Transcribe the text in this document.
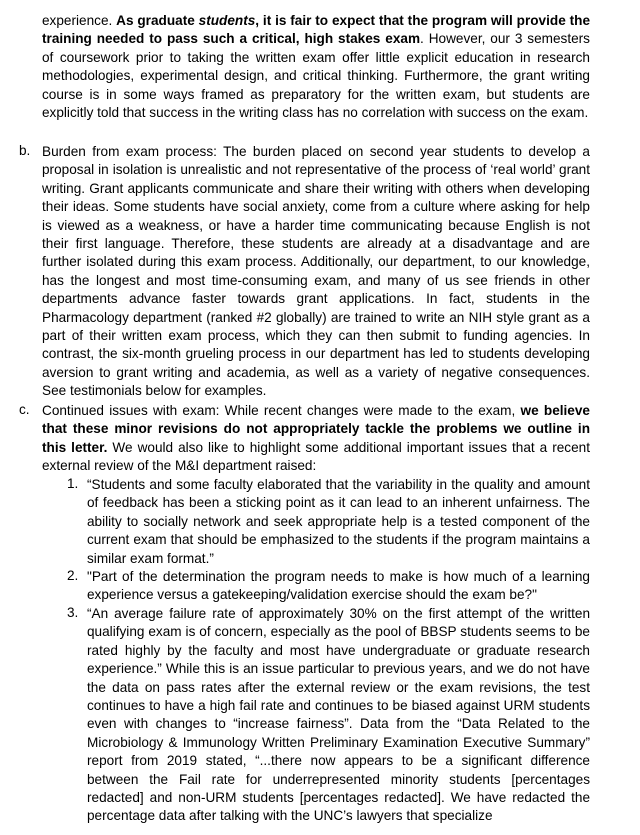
experience. As graduate students, it is fair to expect that the program will provide the training needed to pass such a critical, high stakes exam. However, our 3 semesters of coursework prior to taking the written exam offer little explicit education in research methodologies, experimental design, and critical thinking. Furthermore, the grant writing course is in some ways framed as preparatory for the written exam, but students are explicitly told that success in the writing class has no correlation with success on the exam.

b. Burden from exam process: The burden placed on second year students to develop a proposal in isolation is unrealistic and not representative of the process of ‘real world’ grant writing. Grant applicants communicate and share their writing with others when developing their ideas. Some students have social anxiety, come from a culture where asking for help is viewed as a weakness, or have a harder time communicating because English is not their first language. Therefore, these students are already at a disadvantage and are further isolated during this exam process. Additionally, our department, to our knowledge, has the longest and most time-consuming exam, and many of us see friends in other departments advance faster towards grant applications. In fact, students in the Pharmacology department (ranked #2 globally) are trained to write an NIH style grant as a part of their written exam process, which they can then submit to funding agencies. In contrast, the six-month grueling process in our department has led to students developing aversion to grant writing and academia, as well as a variety of negative consequences. See testimonials below for examples.

c. Continued issues with exam: While recent changes were made to the exam, we believe that these minor revisions do not appropriately tackle the problems we outline in this letter. We would also like to highlight some additional important issues that a recent external review of the M&I department raised:

1. “Students and some faculty elaborated that the variability in the quality and amount of feedback has been a sticking point as it can lead to an inherent unfairness. The ability to socially network and seek appropriate help is a tested component of the current exam that should be emphasized to the students if the program maintains a similar exam format.”

2. "Part of the determination the program needs to make is how much of a learning experience versus a gatekeeping/validation exercise should the exam be?"

3. “An average failure rate of approximately 30% on the first attempt of the written qualifying exam is of concern, especially as the pool of BBSP students seems to be rated highly by the faculty and most have undergraduate or graduate research experience.” While this is an issue particular to previous years, and we do not have the data on pass rates after the external review or the exam revisions, the test continues to have a high fail rate and continues to be biased against URM students even with changes to “increase fairness”. Data from the “Data Related to the Microbiology & Immunology Written Preliminary Examination Executive Summary” report from 2019 stated, “...there now appears to be a significant difference between the Fail rate for underrepresented minority students [percentages redacted] and non-URM students [percentages redacted]. We have redacted the percentage data after talking with the UNC’s lawyers that specialize
